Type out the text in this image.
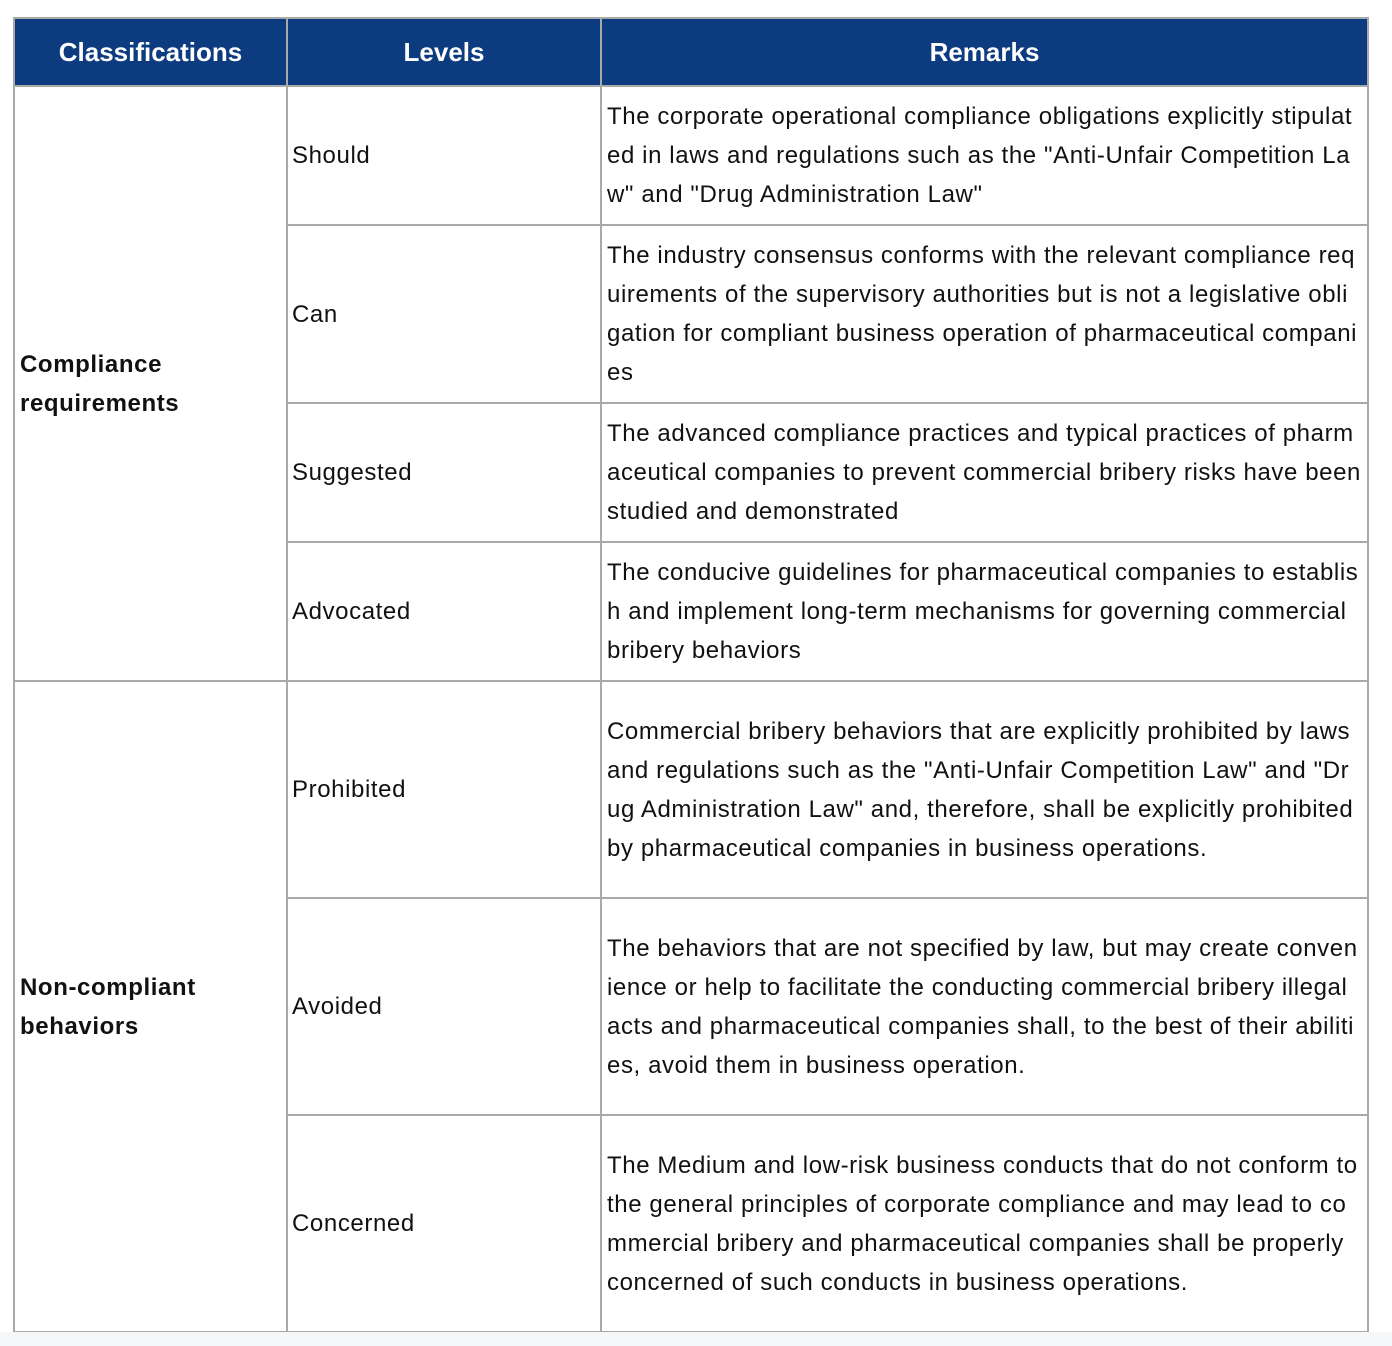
Classifications	Levels	Remarks
Compliance requirements	Should	The corporate operational compliance obligations explicitly stipulated in laws and regulations such as the "Anti-Unfair Competition Law" and "Drug Administration Law"
	Can	The industry consensus conforms with the relevant compliance requirements of the supervisory authorities but is not a legislative obligation for compliant business operation of pharmaceutical companies
	Suggested	The advanced compliance practices and typical practices of pharmaceutical companies to prevent commercial bribery risks have been studied and demonstrated
	Advocated	The conducive guidelines for pharmaceutical companies to establish and implement long-term mechanisms for governing commercial bribery behaviors
Non-compliant behaviors	Prohibited	Commercial bribery behaviors that are explicitly prohibited by laws and regulations such as the "Anti-Unfair Competition Law" and "Drug Administration Law" and, therefore, shall be explicitly prohibited by pharmaceutical companies in business operations.
	Avoided	The behaviors that are not specified by law, but may create convenience or help to facilitate the conducting commercial bribery illegal acts and pharmaceutical companies shall, to the best of their abilities, avoid them in business operation.
	Concerned	The Medium and low-risk business conducts that do not conform to the general principles of corporate compliance and may lead to commercial bribery and pharmaceutical companies shall be properly concerned of such conducts in business operations.
